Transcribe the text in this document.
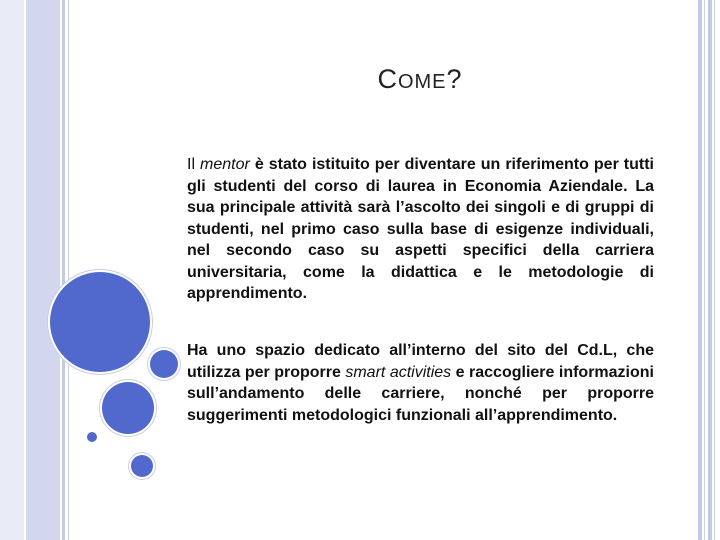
COME?
Il mentor è stato istituito per diventare un riferimento per tutti gli studenti del corso di laurea in Economia Aziendale. La sua principale attività sarà l’ascolto dei singoli e di gruppi di studenti, nel primo caso sulla base di esigenze individuali, nel secondo caso su aspetti specifici della carriera universitaria, come la didattica e le metodologie di apprendimento.
Ha uno spazio dedicato all’interno del sito del Cd.L, che utilizza per proporre smart activities e raccogliere informazioni sull’andamento delle carriere, nonché per proporre suggerimenti metodologici funzionali all’apprendimento.
